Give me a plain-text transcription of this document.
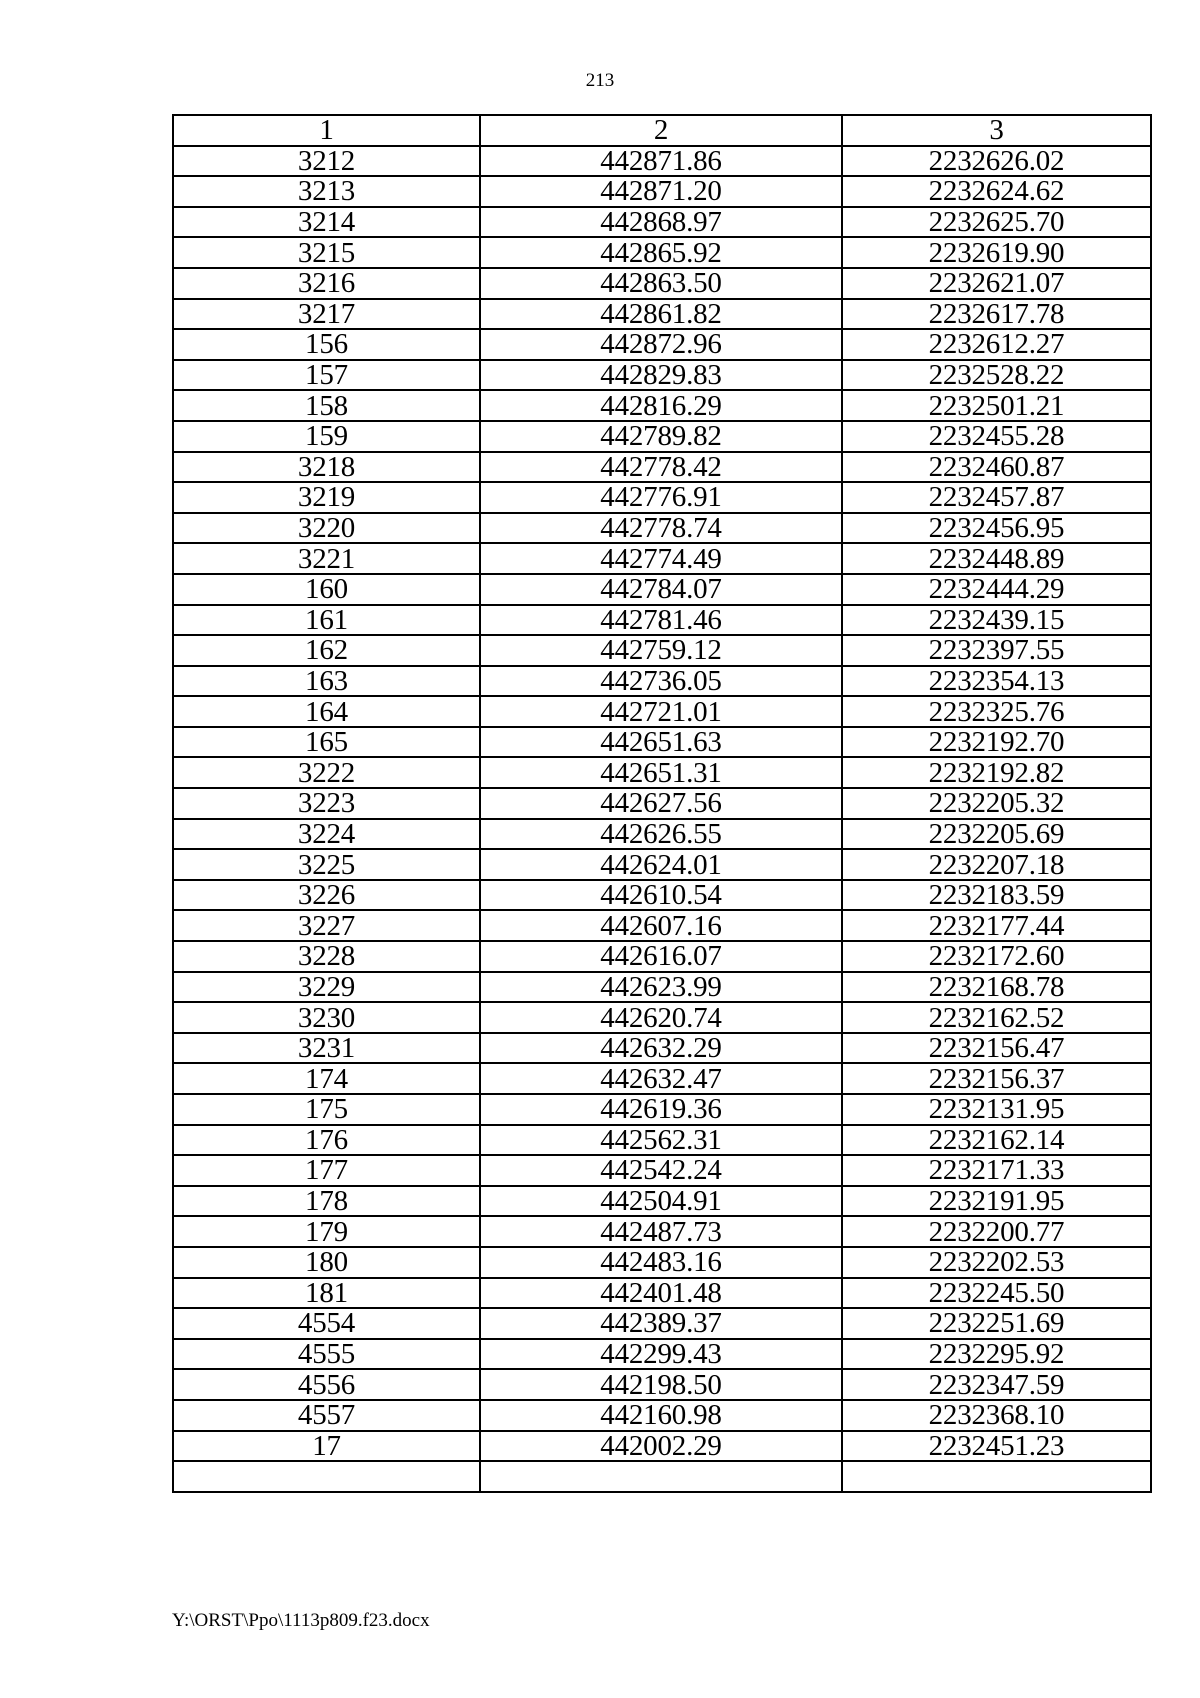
213
1	2	3
3212	442871.86	2232626.02
3213	442871.20	2232624.62
3214	442868.97	2232625.70
3215	442865.92	2232619.90
3216	442863.50	2232621.07
3217	442861.82	2232617.78
156	442872.96	2232612.27
157	442829.83	2232528.22
158	442816.29	2232501.21
159	442789.82	2232455.28
3218	442778.42	2232460.87
3219	442776.91	2232457.87
3220	442778.74	2232456.95
3221	442774.49	2232448.89
160	442784.07	2232444.29
161	442781.46	2232439.15
162	442759.12	2232397.55
163	442736.05	2232354.13
164	442721.01	2232325.76
165	442651.63	2232192.70
3222	442651.31	2232192.82
3223	442627.56	2232205.32
3224	442626.55	2232205.69
3225	442624.01	2232207.18
3226	442610.54	2232183.59
3227	442607.16	2232177.44
3228	442616.07	2232172.60
3229	442623.99	2232168.78
3230	442620.74	2232162.52
3231	442632.29	2232156.47
174	442632.47	2232156.37
175	442619.36	2232131.95
176	442562.31	2232162.14
177	442542.24	2232171.33
178	442504.91	2232191.95
179	442487.73	2232200.77
180	442483.16	2232202.53
181	442401.48	2232245.50
4554	442389.37	2232251.69
4555	442299.43	2232295.92
4556	442198.50	2232347.59
4557	442160.98	2232368.10
17	442002.29	2232451.23

Y:\ORST\Ppo\1113p809.f23.docx
